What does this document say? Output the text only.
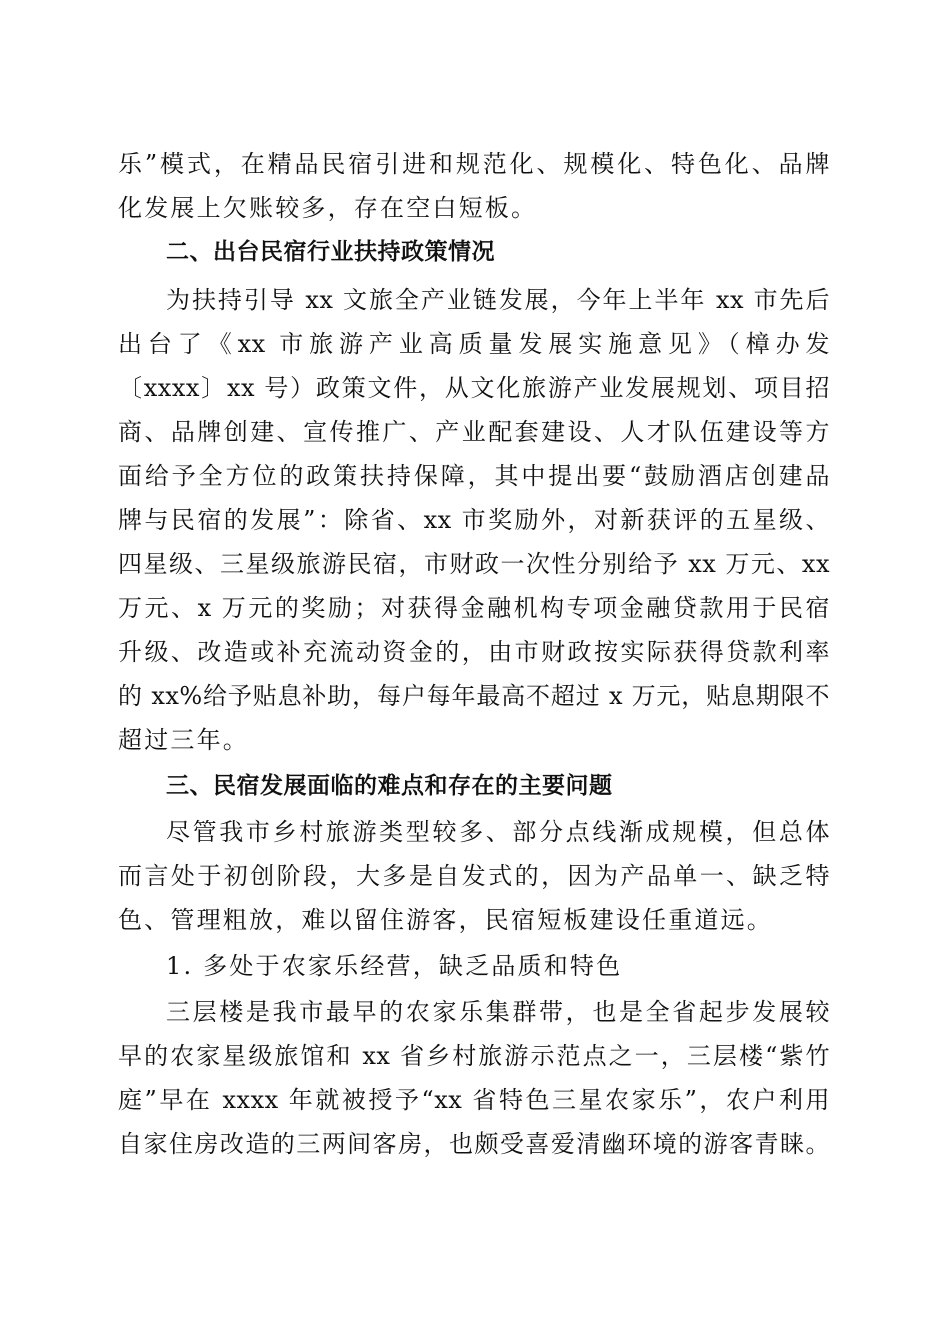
乐”模式，在精品民宿引进和规范化、规模化、特色化、品牌
化发展上欠账较多，存在空白短板。
二、出台民宿行业扶持政策情况
为扶持引导 xx 文旅全产业链发展，今年上半年 xx 市先后
出台了《xx 市旅游产业高质量发展实施意见》（樟办发
〔xxxx〕xx 号）政策文件，从文化旅游产业发展规划、项目招
商、品牌创建、宣传推广、产业配套建设、人才队伍建设等方
面给予全方位的政策扶持保障，其中提出要“鼓励酒店创建品
牌与民宿的发展”：除省、xx 市奖励外，对新获评的五星级、
四星级、三星级旅游民宿，市财政一次性分别给予 xx 万元、xx
万元、x 万元的奖励；对获得金融机构专项金融贷款用于民宿
升级、改造或补充流动资金的，由市财政按实际获得贷款利率
的 xx%给予贴息补助，每户每年最高不超过 x 万元，贴息期限不
超过三年。
三、民宿发展面临的难点和存在的主要问题
尽管我市乡村旅游类型较多、部分点线渐成规模，但总体
而言处于初创阶段，大多是自发式的，因为产品单一、缺乏特
色、管理粗放，难以留住游客，民宿短板建设任重道远。
1. 多处于农家乐经营，缺乏品质和特色
三层楼是我市最早的农家乐集群带，也是全省起步发展较
早的农家星级旅馆和 xx 省乡村旅游示范点之一，三层楼“紫竹
庭”早在 xxxx 年就被授予“xx 省特色三星农家乐”，农户利用
自家住房改造的三两间客房，也颇受喜爱清幽环境的游客青睐。
